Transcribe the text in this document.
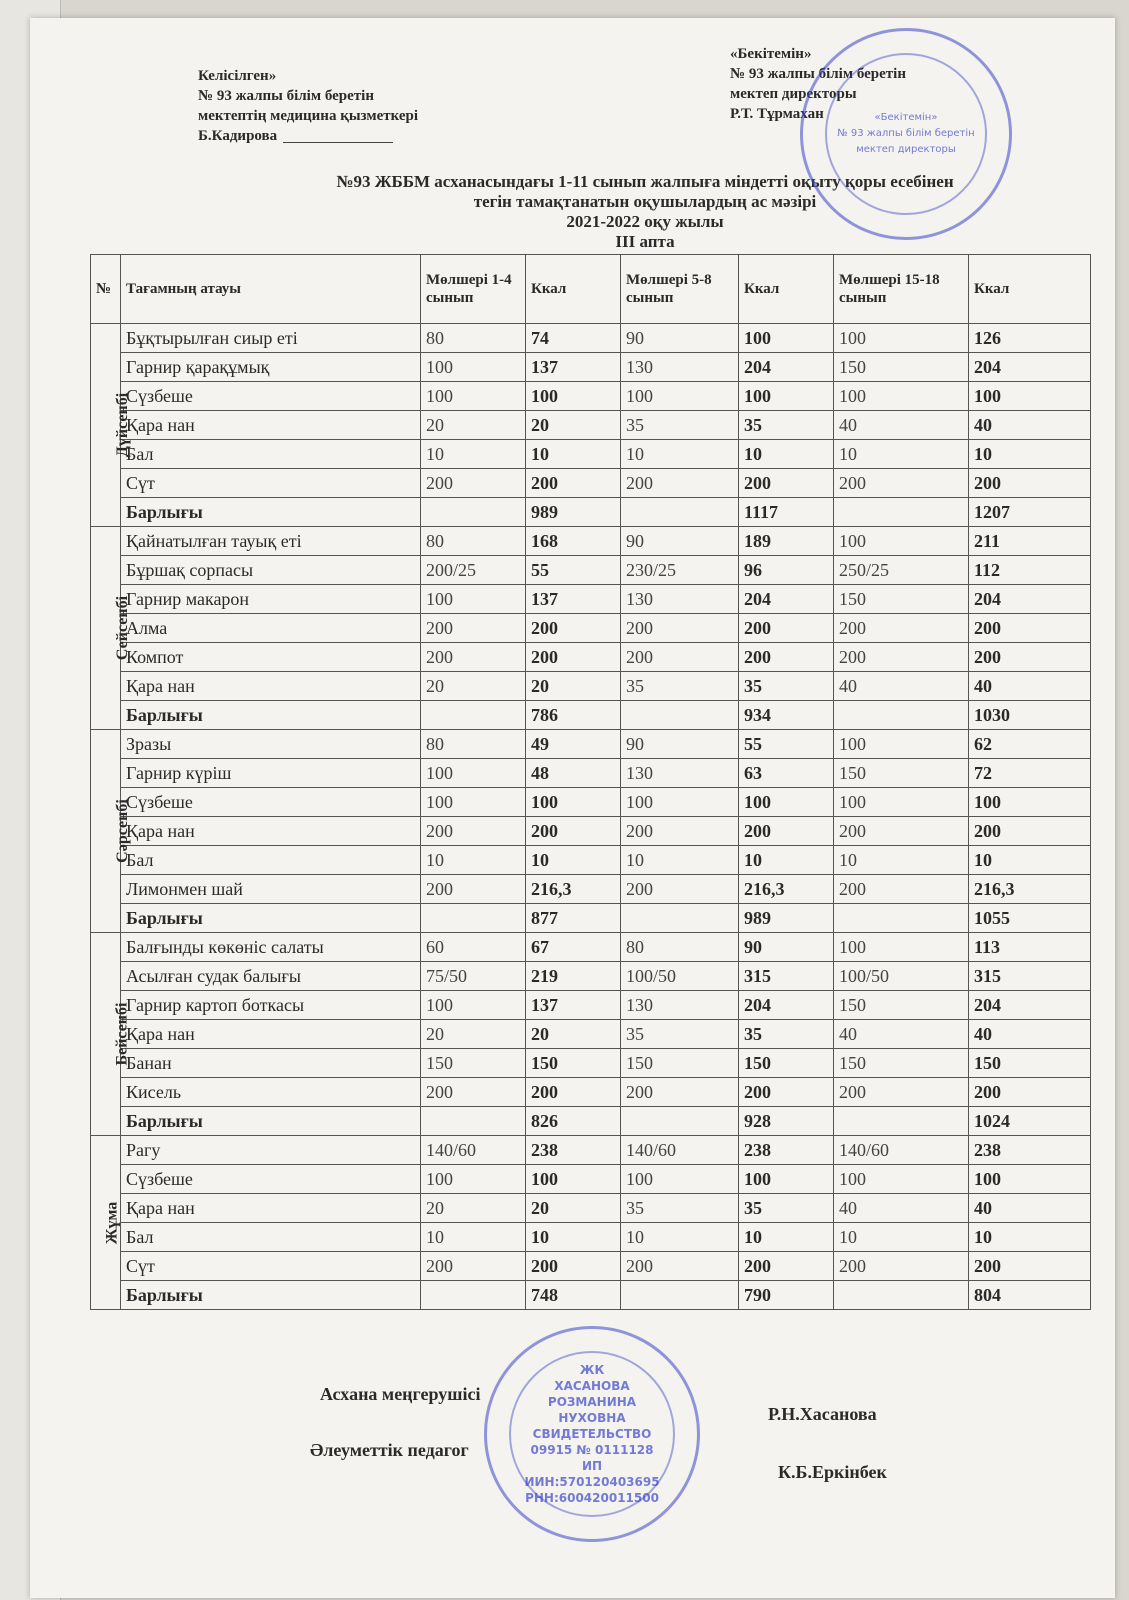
Келісілген»
№ 93 жалпы білім беретін
мектептің медицина қызметкері
Б.Кадирова
«Бекітемін»
№ 93 жалпы білім беретін
мектеп директоры
Р.Т. Тұрмахан
№93 ЖББМ асханасындағы 1-11 сынып жалпыға міндетті оқыту қоры есебінен
тегін тамақтанатын оқушылардың ас мәзірі
2021-2022 оқу жылы
III апта
№	Тағамның атауы	Мөлшері 1-4 сынып	Ккал	Мөлшері 5-8 сынып	Ккал	Мөлшері 15-18 сынып	Ккал
Дүйсенбі	Бұқтырылған сиыр еті	80	74	90	100	100	126
	Гарнир қарақұмық	100	137	130	204	150	204
	Сүзбеше	100	100	100	100	100	100
	Қара нан	20	20	35	35	40	40
	Бал	10	10	10	10	10	10
	Сүт	200	200	200	200	200	200
	Барлығы		989		1117		1207
Сейсенбі	Қайнатылған тауық еті	80	168	90	189	100	211
	Бұршақ сорпасы	200/25	55	230/25	96	250/25	112
	Гарнир макарон	100	137	130	204	150	204
	Алма	200	200	200	200	200	200
	Компот	200	200	200	200	200	200
	Қара нан	20	20	35	35	40	40
	Барлығы		786		934		1030
Сәрсенбі	Зразы	80	49	90	55	100	62
	Гарнир күріш	100	48	130	63	150	72
	Сүзбеше	100	100	100	100	100	100
	Қара нан	200	200	200	200	200	200
	Бал	10	10	10	10	10	10
	Лимонмен шай	200	216,3	200	216,3	200	216,3
	Барлығы		877		989		1055
Бейсенбі	Балғынды көкөніс салаты	60	67	80	90	100	113
	Асылған судак балығы	75/50	219	100/50	315	100/50	315
	Гарнир картоп боткасы	100	137	130	204	150	204
	Қара нан	20	20	35	35	40	40
	Банан	150	150	150	150	150	150
	Кисель	200	200	200	200	200	200
	Барлығы		826		928		1024
Жұма	Рагу	140/60	238	140/60	238	140/60	238
	Сүзбеше	100	100	100	100	100	100
	Қара нан	20	20	35	35	40	40
	Бал	10	10	10	10	10	10
	Сүт	200	200	200	200	200	200
	Барлығы		748		790		804
Асхана меңгерушісі
Р.Н.Хасанова
Әлеуметтік педагог
К.Б.Еркінбек
«Бекітемін»
№ 93 жалпы білім беретін
мектеп директоры
ЖК
ХАСАНОВА
РОЗМАНИНА
НУХОВНА
СВИДЕТЕЛЬСТВО
09915 № 0111128
ИП
ИИН:570120403695
РНН:600420011500
